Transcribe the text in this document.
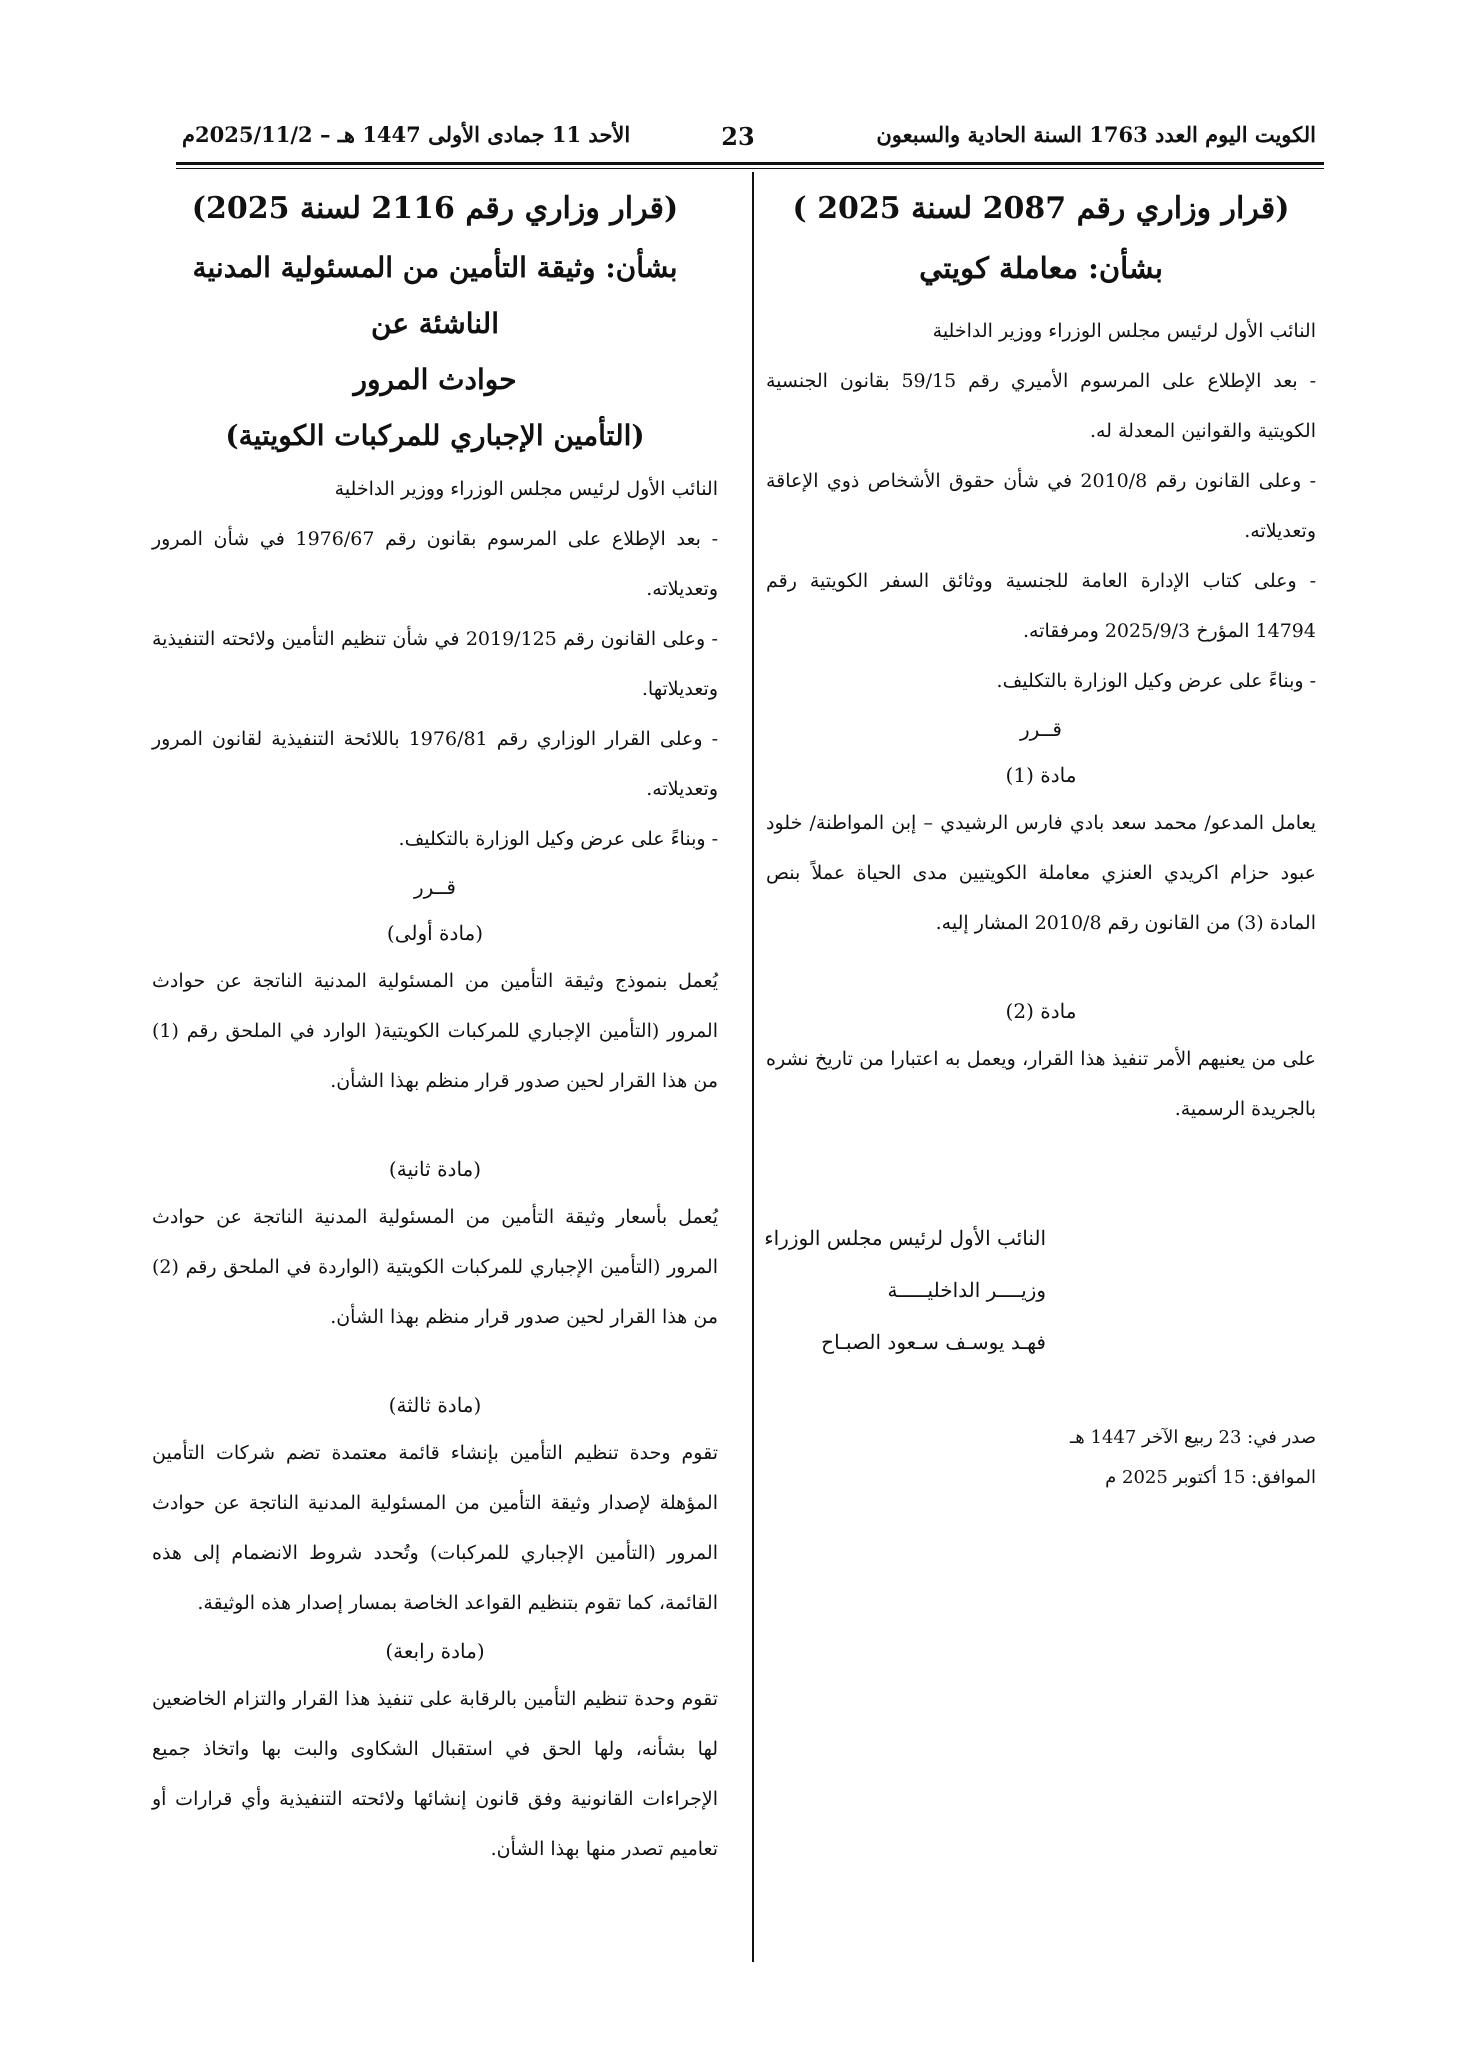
23	الكويت اليوم العدد 1763 السنة الحادية والسبعون
الأحد 11 جمادى الأولى 1447 هـ – 2025/11/2م
(قرار وزاري رقم 2087 لسنة 2025 )
بشأن: معاملة كويتي

النائب الأول لرئيس مجلس الوزراء ووزير الداخلية

- بعد الإطلاع على المرسوم الأميري رقم 59/15 بقانون الجنسية الكويتية والقوانين المعدلة له.

- وعلى القانون رقم 2010/8 في شأن حقوق الأشخاص ذوي الإعاقة وتعديلاته.

- وعلى كتاب الإدارة العامة للجنسية ووثائق السفر الكويتية رقم 14794 المؤرخ 2025/9/3 ومرفقاته.

- وبناءً على عرض وكيل الوزارة بالتكليف.

قــرر
مادة (1)

يعامل المدعو/ محمد سعد بادي فارس الرشيدي – إبن المواطنة/ خلود عبود حزام اكريدي العنزي معاملة الكويتيين مدى الحياة عملاً بنص المادة (3) من القانون رقم 2010/8 المشار إليه.

مادة (2)

على من يعنيهم الأمر تنفيذ هذا القرار، ويعمل به اعتبارا من تاريخ نشره بالجريدة الرسمية.

النائب الأول لرئيس مجلس الوزراء
وزيــــر الداخليـــــة
فهـد يوسـف سـعود الصبـاح
صدر في: 23 ربيع الآخر 1447 هـ
الموافق: 15 أكتوبر 2025 م
(قرار وزاري رقم 2116 لسنة 2025)
بشأن: وثيقة التأمين من المسئولية المدنية الناشئة عن
حوادث المرور
(التأمين الإجباري للمركبات الكويتية)

النائب الأول لرئيس مجلس الوزراء ووزير الداخلية

- بعد الإطلاع على المرسوم بقانون رقم 1976/67 في شأن المرور وتعديلاته.

- وعلى القانون رقم 2019/125 في شأن تنظيم التأمين ولائحته التنفيذية وتعديلاتها.

- وعلى القرار الوزاري رقم 1976/81 باللائحة التنفيذية لقانون المرور وتعديلاته.

- وبناءً على عرض وكيل الوزارة بالتكليف.

قــرر
(مادة أولى)

يُعمل بنموذج وثيقة التأمين من المسئولية المدنية الناتجة عن حوادث المرور (التأمين الإجباري للمركبات الكويتية( الوارد في الملحق رقم (1) من هذا القرار لحين صدور قرار منظم بهذا الشأن.

(مادة ثانية)

يُعمل بأسعار وثيقة التأمين من المسئولية المدنية الناتجة عن حوادث المرور (التأمين الإجباري للمركبات الكويتية (الواردة في الملحق رقم (2) من هذا القرار لحين صدور قرار منظم بهذا الشأن.

(مادة ثالثة)

تقوم وحدة تنظيم التأمين بإنشاء قائمة معتمدة تضم شركات التأمين المؤهلة لإصدار وثيقة التأمين من المسئولية المدنية الناتجة عن حوادث المرور (التأمين الإجباري للمركبات) وتُحدد شروط الانضمام إلى هذه القائمة، كما تقوم بتنظيم القواعد الخاصة بمسار إصدار هذه الوثيقة.

(مادة رابعة)

تقوم وحدة تنظيم التأمين بالرقابة على تنفيذ هذا القرار والتزام الخاضعين لها بشأنه، ولها الحق في استقبال الشكاوى والبت بها واتخاذ جميع الإجراءات القانونية وفق قانون إنشائها ولائحته التنفيذية وأي قرارات أو تعاميم تصدر منها بهذا الشأن.
